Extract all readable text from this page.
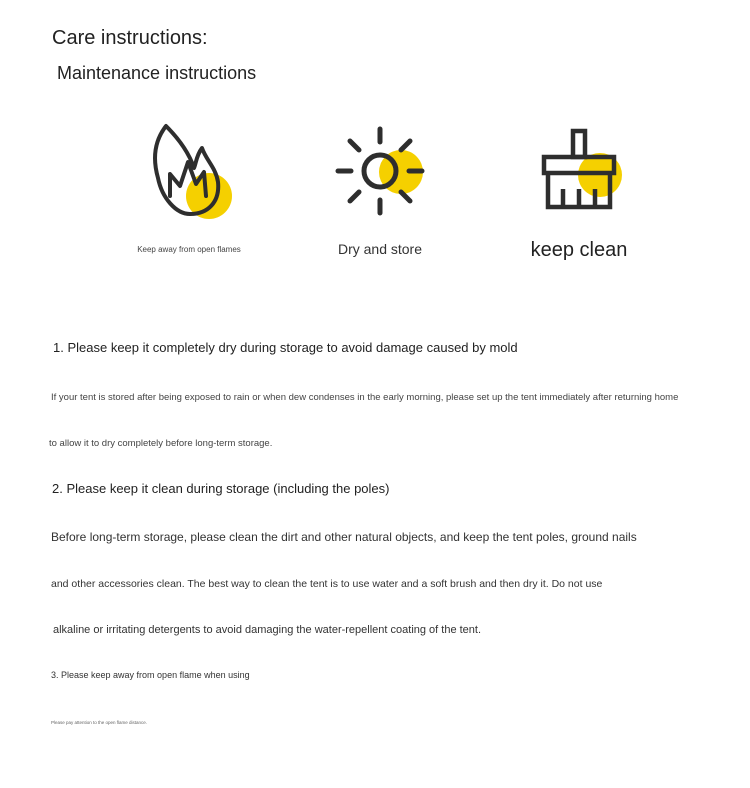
Care instructions:
Maintenance instructions
Keep away from open flames	Dry and store	keep clean
1. Please keep it completely dry during storage to avoid damage caused by mold
If your tent is stored after being exposed to rain or when dew condenses in the early morning, please set up the tent immediately after returning home
to allow it to dry completely before long-term storage.
2. Please keep it clean during storage (including the poles)
Before long-term storage, please clean the dirt and other natural objects, and keep the tent poles, ground nails
and other accessories clean. The best way to clean the tent is to use water and a soft brush and then dry it. Do not use
alkaline or irritating detergents to avoid damaging the water-repellent coating of the tent.
3. Please keep away from open flame when using
Please pay attention to the open flame distance.
